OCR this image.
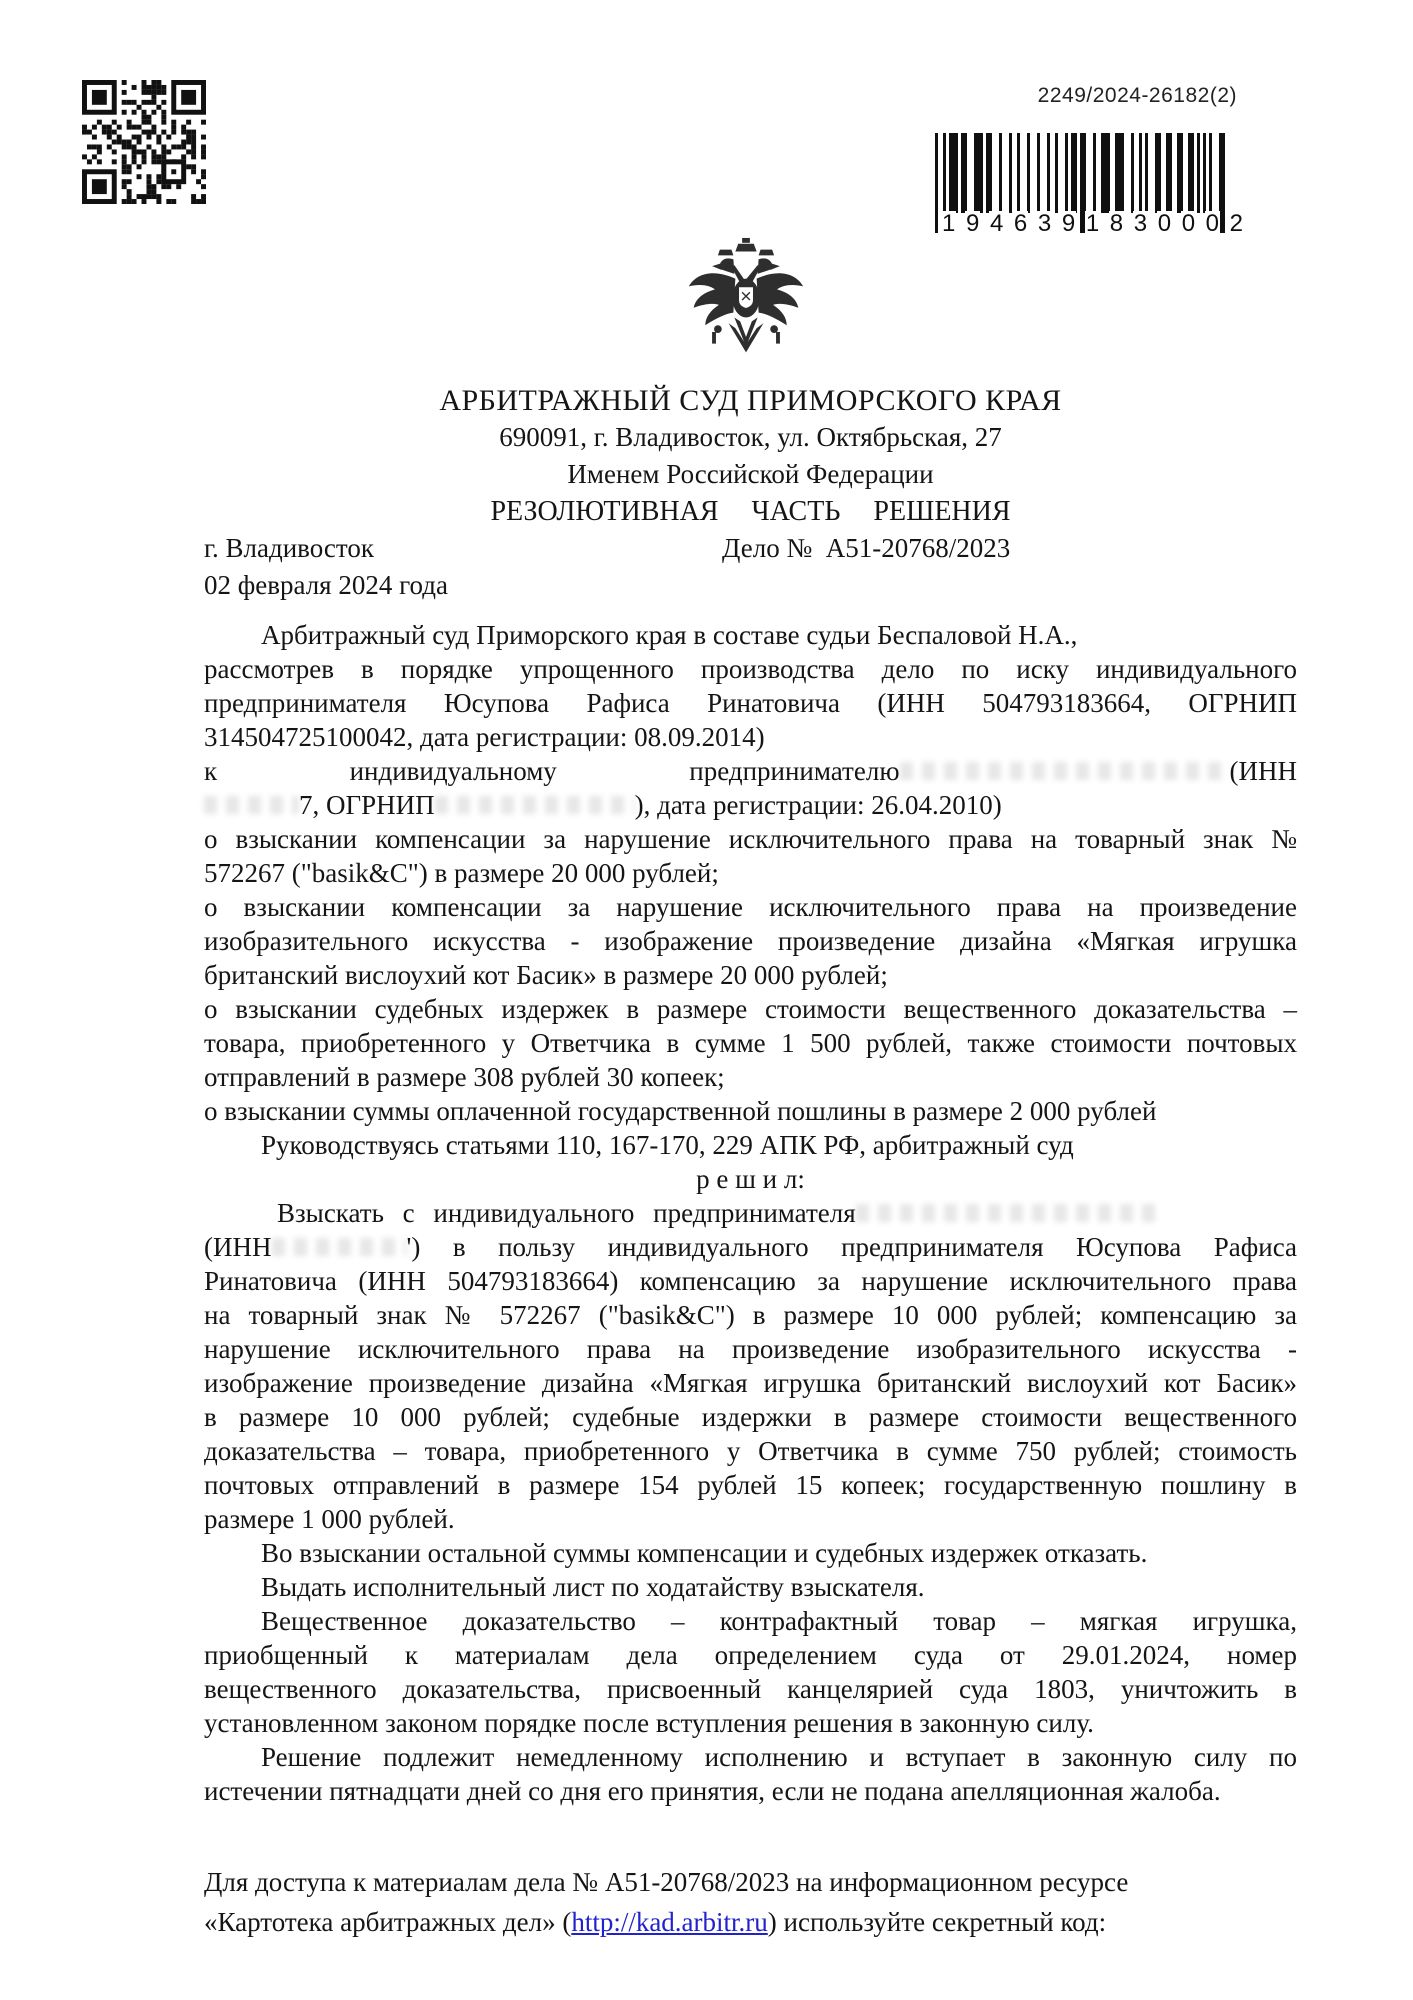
2249/2024-26182(2)
1 9 4 6 3 9 1 8 3 0 0 0 2
АРБИТРАЖНЫЙ СУД ПРИМОРСКОГО КРАЯ
690091, г. Владивосток, ул. Октябрьская, 27
Именем Российской Федерации
РЕЗОЛЮТИВНАЯ ЧАСТЬ РЕШЕНИЯ
г. Владивосток	Дело №  А51-20768/2023
02 февраля 2024 года
Арбитражный суд Приморского края в составе судьи Беспаловой Н.А.,
рассмотрев в порядке упрощенного производства дело по иску индивидуального
предпринимателя Юсупова Рафиса Ринатовича (ИНН 504793183664, ОГРНИП
314504725100042, дата регистрации: 08.09.2014)
к индивидуальному предпринимателю	(ИНН
7, ОГРНИП	), дата регистрации: 26.04.2010)
о взыскании компенсации за нарушение исключительного права на товарный знак №
572267 ("basik&C") в размере 20 000 рублей;
о взыскании компенсации за нарушение исключительного права на произведение
изобразительного искусства - изображение произведение дизайна «Мягкая игрушка
британский вислоухий кот Басик» в размере 20 000 рублей;
о взыскании судебных издержек в размере стоимости вещественного доказательства –
товара, приобретенного у Ответчика в сумме 1 500 рублей, также стоимости почтовых
отправлений в размере 308 рублей 30 копеек;
о взыскании суммы оплаченной государственной пошлины в размере 2 000 рублей
Руководствуясь статьями 110, 167-170, 229 АПК РФ, арбитражный суд
р е ш и л:
Взыскать с индивидуального предпринимателя
(ИНН	') в пользу индивидуального предпринимателя Юсупова Рафиса
Ринатовича (ИНН 504793183664) компенсацию за нарушение исключительного права
на товарный знак № 572267 ("basik&C") в размере 10 000 рублей; компенсацию за
нарушение исключительного права на произведение изобразительного искусства -
изображение произведение дизайна «Мягкая игрушка британский вислоухий кот Басик»
в размере 10 000 рублей; судебные издержки в размере стоимости вещественного
доказательства – товара, приобретенного у Ответчика в сумме 750 рублей; стоимость
почтовых отправлений в размере 154 рублей 15 копеек; государственную пошлину в
размере 1 000 рублей.
Во взыскании остальной суммы компенсации и судебных издержек отказать.
Выдать исполнительный лист по ходатайству взыскателя.
Вещественное доказательство – контрафактный товар – мягкая игрушка,
приобщенный к материалам дела определением суда от 29.01.2024, номер
вещественного доказательства, присвоенный канцелярией суда 1803, уничтожить в
установленном законом порядке после вступления решения в законную силу.
Решение подлежит немедленному исполнению и вступает в законную силу по
истечении пятнадцати дней со дня его принятия, если не подана апелляционная жалоба.
Для доступа к материалам дела № А51-20768/2023 на информационном ресурсе
«Картотека арбитражных дел» (http://kad.arbitr.ru) используйте секретный код:
